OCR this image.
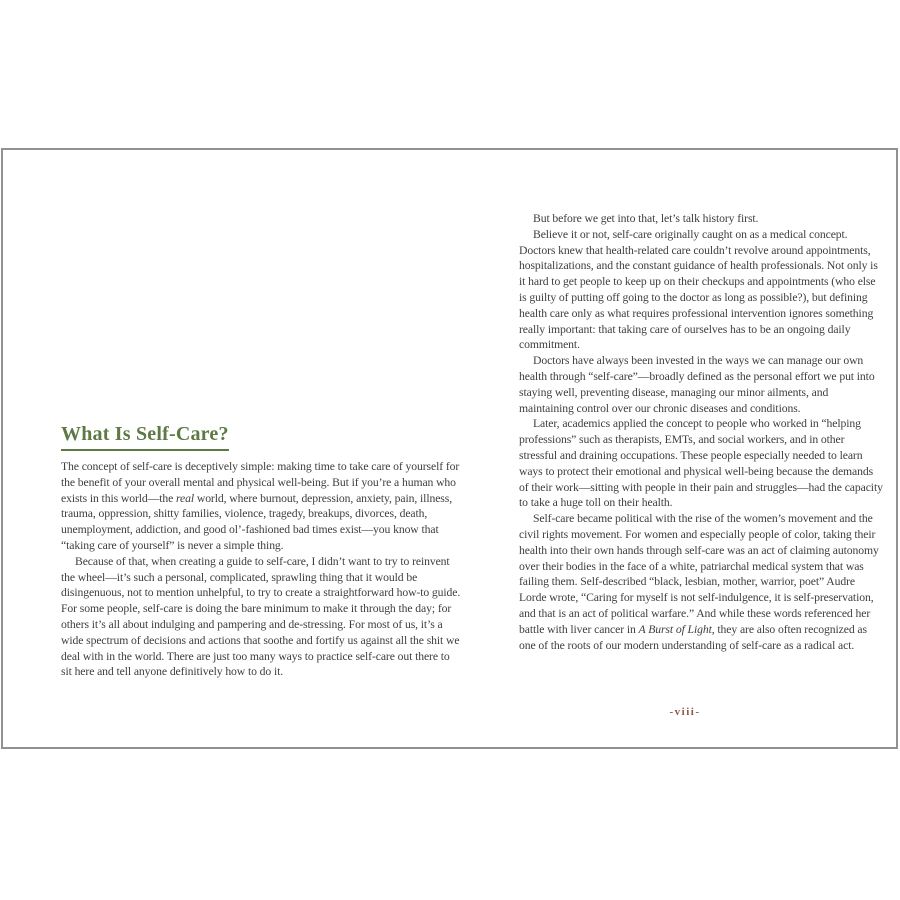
What Is Self-Care?

The concept of self-care is deceptively simple: making time to take care of yourself for the benefit of your overall mental and physical well-being. But if you’re a human who exists in this world—the real world, where burnout, depression, anxiety, pain, illness, trauma, oppression, shitty families, violence, tragedy, breakups, divorces, death, unemployment, addiction, and good ol’-fashioned bad times exist—you know that “taking care of yourself” is never a simple thing.

Because of that, when creating a guide to self-care, I didn’t want to try to reinvent the wheel—it’s such a personal, complicated, sprawling thing that it would be disingenuous, not to mention unhelpful, to try to create a straightforward how-to guide. For some people, self-care is doing the bare minimum to make it through the day; for others it’s all about indulging and pampering and de-stressing. For most of us, it’s a wide spectrum of decisions and actions that soothe and fortify us against all the shit we deal with in the world. There are just too many ways to practice self-care out there to sit here and tell anyone definitively how to do it.

But before we get into that, let’s talk history first.

Believe it or not, self-care originally caught on as a medical concept. Doctors knew that health-related care couldn’t revolve around appointments, hospitalizations, and the constant guidance of health professionals. Not only is it hard to get people to keep up on their checkups and appointments (who else is guilty of putting off going to the doctor as long as possible?), but defining health care only as what requires professional intervention ignores something really important: that taking care of ourselves has to be an ongoing daily commitment.

Doctors have always been invested in the ways we can manage our own health through “self-care”—broadly defined as the personal effort we put into staying well, preventing disease, managing our minor ailments, and maintaining control over our chronic diseases and conditions.

Later, academics applied the concept to people who worked in “helping professions” such as therapists, EMTs, and social workers, and in other stressful and draining occupations. These people especially needed to learn ways to protect their emotional and physical well-being because the demands of their work—sitting with people in their pain and struggles—had the capacity to take a huge toll on their health.

Self-care became political with the rise of the women’s movement and the civil rights movement. For women and especially people of color, taking their health into their own hands through self-care was an act of claiming autonomy over their bodies in the face of a white, patriarchal medical system that was failing them. Self-described “black, lesbian, mother, warrior, poet” Audre Lorde wrote, “Caring for myself is not self-indulgence, it is self-preservation, and that is an act of political warfare.” And while these words referenced her battle with liver cancer in A Burst of Light, they are also often recognized as one of the roots of our modern understanding of self-care as a radical act.

-viii-
